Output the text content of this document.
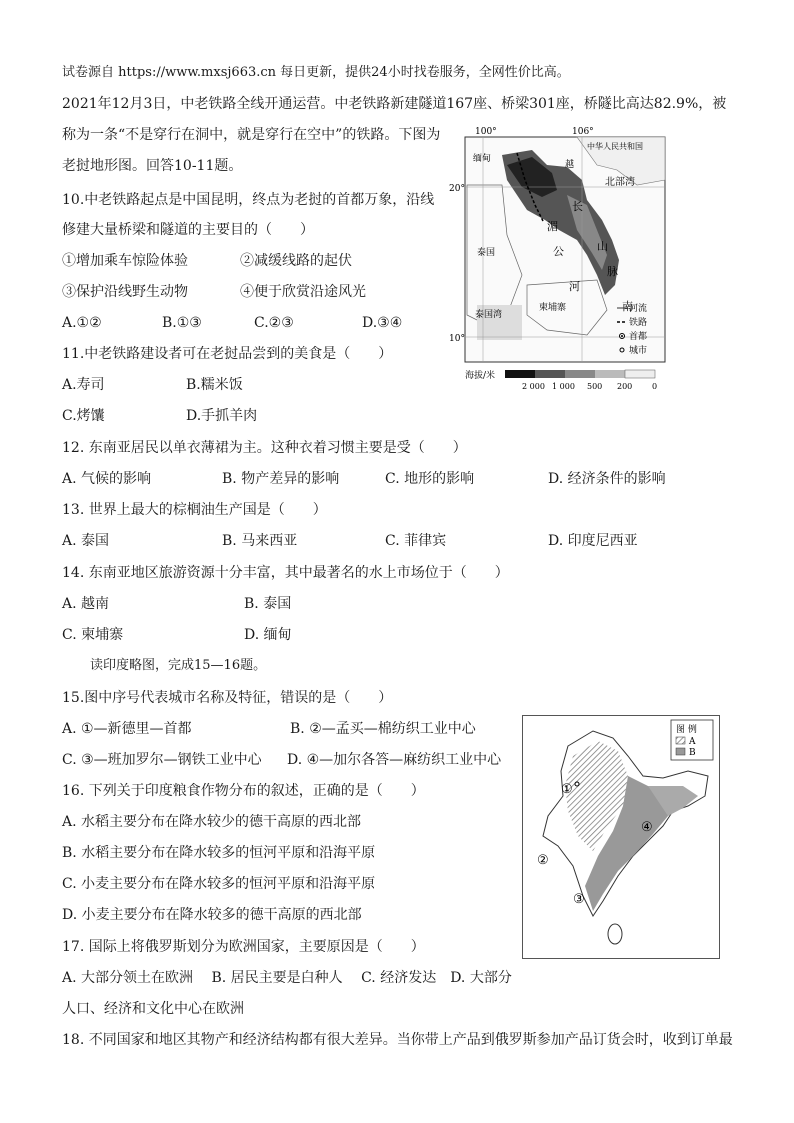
试卷源自 https://www.mxsj663.cn 每日更新，提供24小时找卷服务，全网性价比高。
2021年12月3日，中老铁路全线开通运营。中老铁路新建隧道167座、桥梁301座，桥隧比高达82.9%，被
称为一条“不是穿行在洞中，就是穿行在空中”的铁路。下图为
老挝地形图。回答10-11题。
10.中老铁路起点是中国昆明，终点为老挝的首都万象，沿线
修建大量桥梁和隧道的主要目的（　　）
①增加乘车惊险体验	②减缓线路的起伏
③保护沿线野生动物	④便于欣赏沿途风光
A.①②	B.①③	C.②③	D.③④
11.中老铁路建设者可在老挝品尝到的美食是（　　）
A.寿司	B.糯米饭
C.烤馕	D.手抓羊肉
12. 东南亚居民以单衣薄裙为主。这种衣着习惯主要是受（　　）
A. 气候的影响	B. 物产差异的影响	C. 地形的影响	D. 经济条件的影响
13. 世界上最大的棕榈油生产国是（　　）
A. 泰国	B. 马来西亚	C. 菲律宾	D. 印度尼西亚
14. 东南亚地区旅游资源十分丰富，其中最著名的水上市场位于（　　）
A. 越南	B. 泰国
C. 柬埔寨	D. 缅甸
读印度略图，完成15—16题。
15.图中序号代表城市名称及特征，错误的是（　　）
A. ①—新德里—首都	B. ②—孟买—棉纺织工业中心
C. ③—班加罗尔—钢铁工业中心 D. ④—加尔各答—麻纺织工业中心
16. 下列关于印度粮食作物分布的叙述，正确的是（　　）
A. 水稻主要分布在降水较少的德干高原的西北部
B. 水稻主要分布在降水较多的恒河平原和沿海平原
C. 小麦主要分布在降水较多的恒河平原和沿海平原
D. 小麦主要分布在降水较多的德干高原的西北部
17. 国际上将俄罗斯划分为欧洲国家，主要原因是（　　）
A. 大部分领土在欧洲　 B. 居民主要是白种人　 C. 经济发达　D. 大部分
人口、经济和文化中心在欧洲
18. 不同国家和地区其物产和经济结构都有很大差异。当你带上产品到俄罗斯参加产品订货会时，收到订单最
100°	106°
20°
10°
中华人民共和国
北部湾
越
缅甸
泰国
湄
公
河
长
山
脉
南
柬埔寨
泰国湾
河流
铁路
首都
城市
海拔/米
2 000 1 000 500 200 0
图 例
A
B
①
②
③
④
